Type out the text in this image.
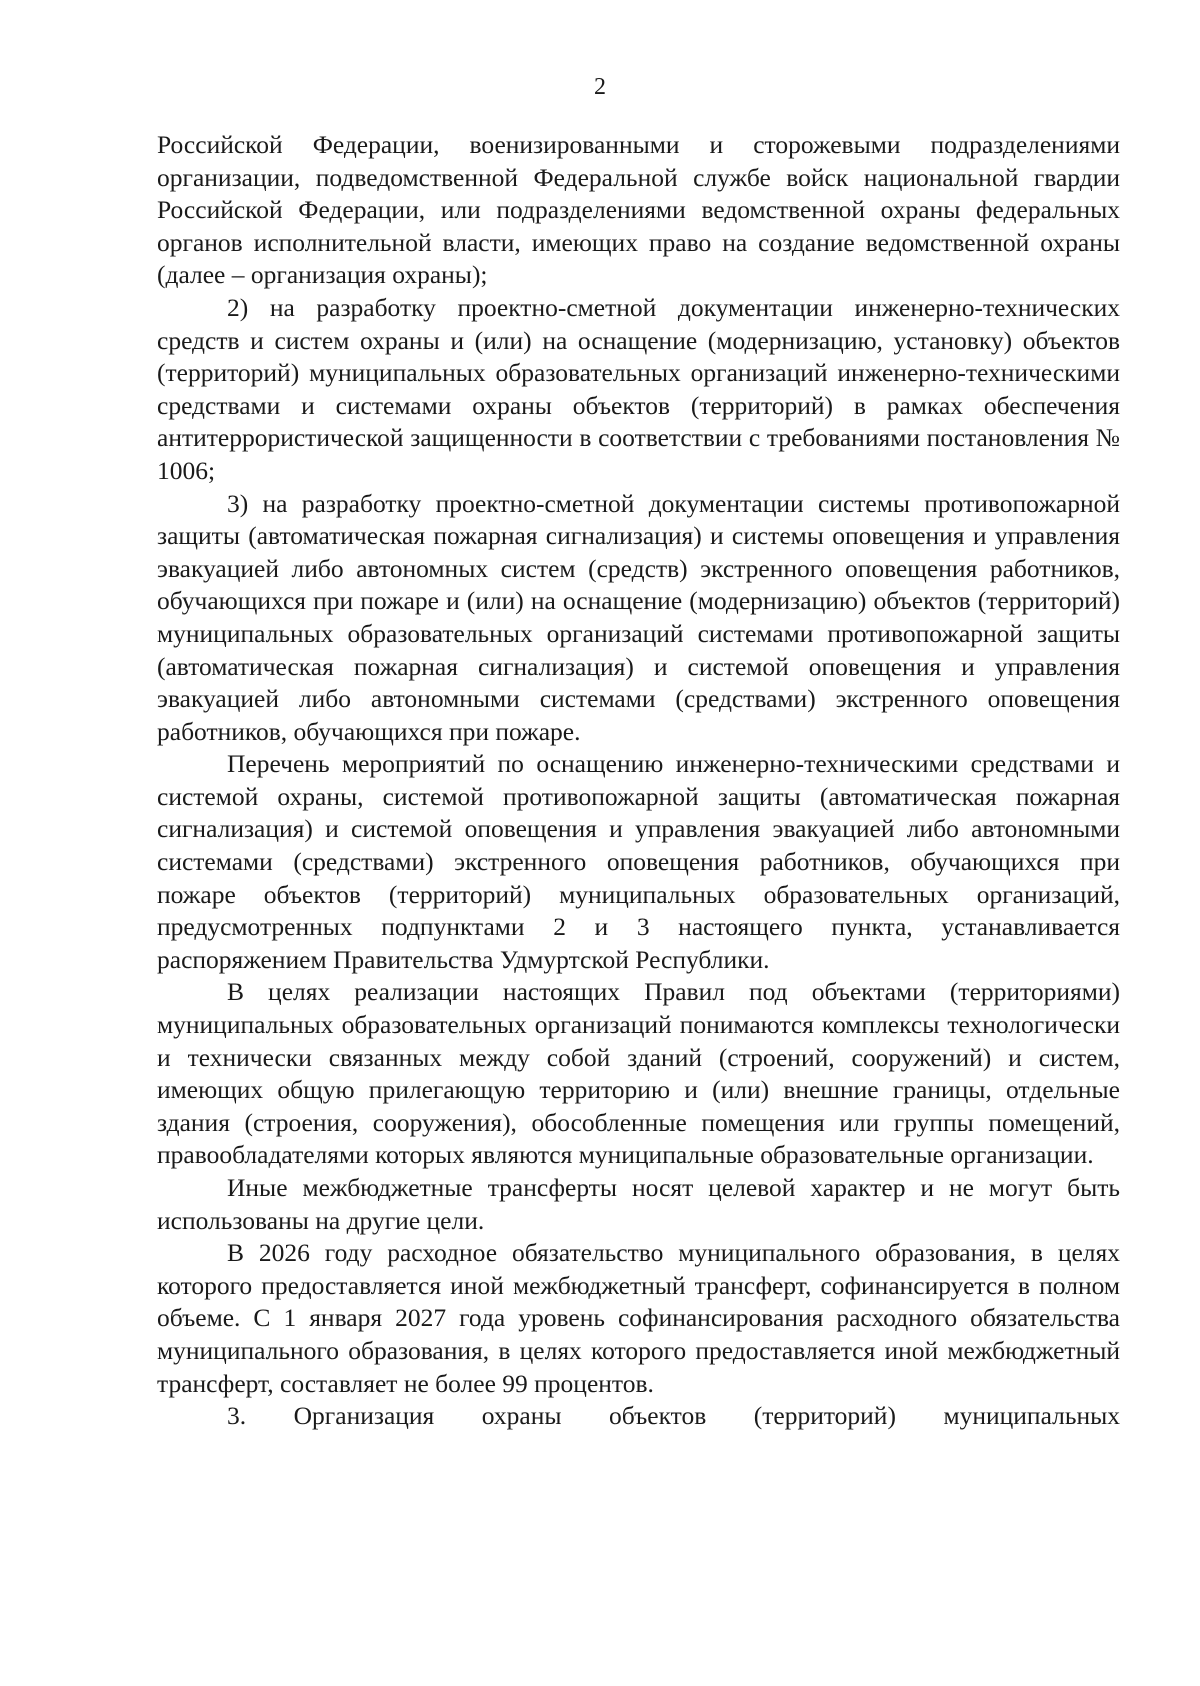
2

Российской Федерации, военизированными и сторожевыми подразделениями организации, подведомственной Федеральной службе войск национальной гвардии Российской Федерации, или подразделениями ведомственной охраны федеральных органов исполнительной власти, имеющих право на создание ведомственной охраны (далее – организация охраны);

2) на разработку проектно-сметной документации инженерно-технических средств и систем охраны и (или) на оснащение (модернизацию, установку) объектов (территорий) муниципальных образовательных организаций инженерно-техническими средствами и системами охраны объектов (территорий) в рамках обеспечения антитеррористической защищенности в соответствии с требованиями постановления № 1006;

3) на разработку проектно-сметной документации системы противопожарной защиты (автоматическая пожарная сигнализация) и системы оповещения и управления эвакуацией либо автономных систем (средств) экстренного оповещения работников, обучающихся при пожаре и (или) на оснащение (модернизацию) объектов (территорий) муниципальных образовательных организаций системами противопожарной защиты (автоматическая пожарная сигнализация) и системой оповещения и управления эвакуацией либо автономными системами (средствами) экстренного оповещения работников, обучающихся при пожаре.

Перечень мероприятий по оснащению инженерно-техническими средствами и системой охраны, системой противопожарной защиты (автоматическая пожарная сигнализация) и системой оповещения и управления эвакуацией либо автономными системами (средствами) экстренного оповещения работников, обучающихся при пожаре объектов (территорий) муниципальных образовательных организаций, предусмотренных подпунктами 2 и 3 настоящего пункта, устанавливается распоряжением Правительства Удмуртской Республики.

В целях реализации настоящих Правил под объектами (территориями) муниципальных образовательных организаций понимаются комплексы технологически и технически связанных между собой зданий (строений, сооружений) и систем, имеющих общую прилегающую территорию и (или) внешние границы, отдельные здания (строения, сооружения), обособленные помещения или группы помещений, правообладателями которых являются муниципальные образовательные организации.

Иные межбюджетные трансферты носят целевой характер и не могут быть использованы на другие цели.

В 2026 году расходное обязательство муниципального образования, в целях которого предоставляется иной межбюджетный трансферт, софинансируется в полном объеме. С 1 января 2027 года уровень софинансирования расходного обязательства муниципального образования, в целях которого предоставляется иной межбюджетный трансферт, составляет не более 99 процентов.

3. Организация охраны объектов (территорий) муниципальных
